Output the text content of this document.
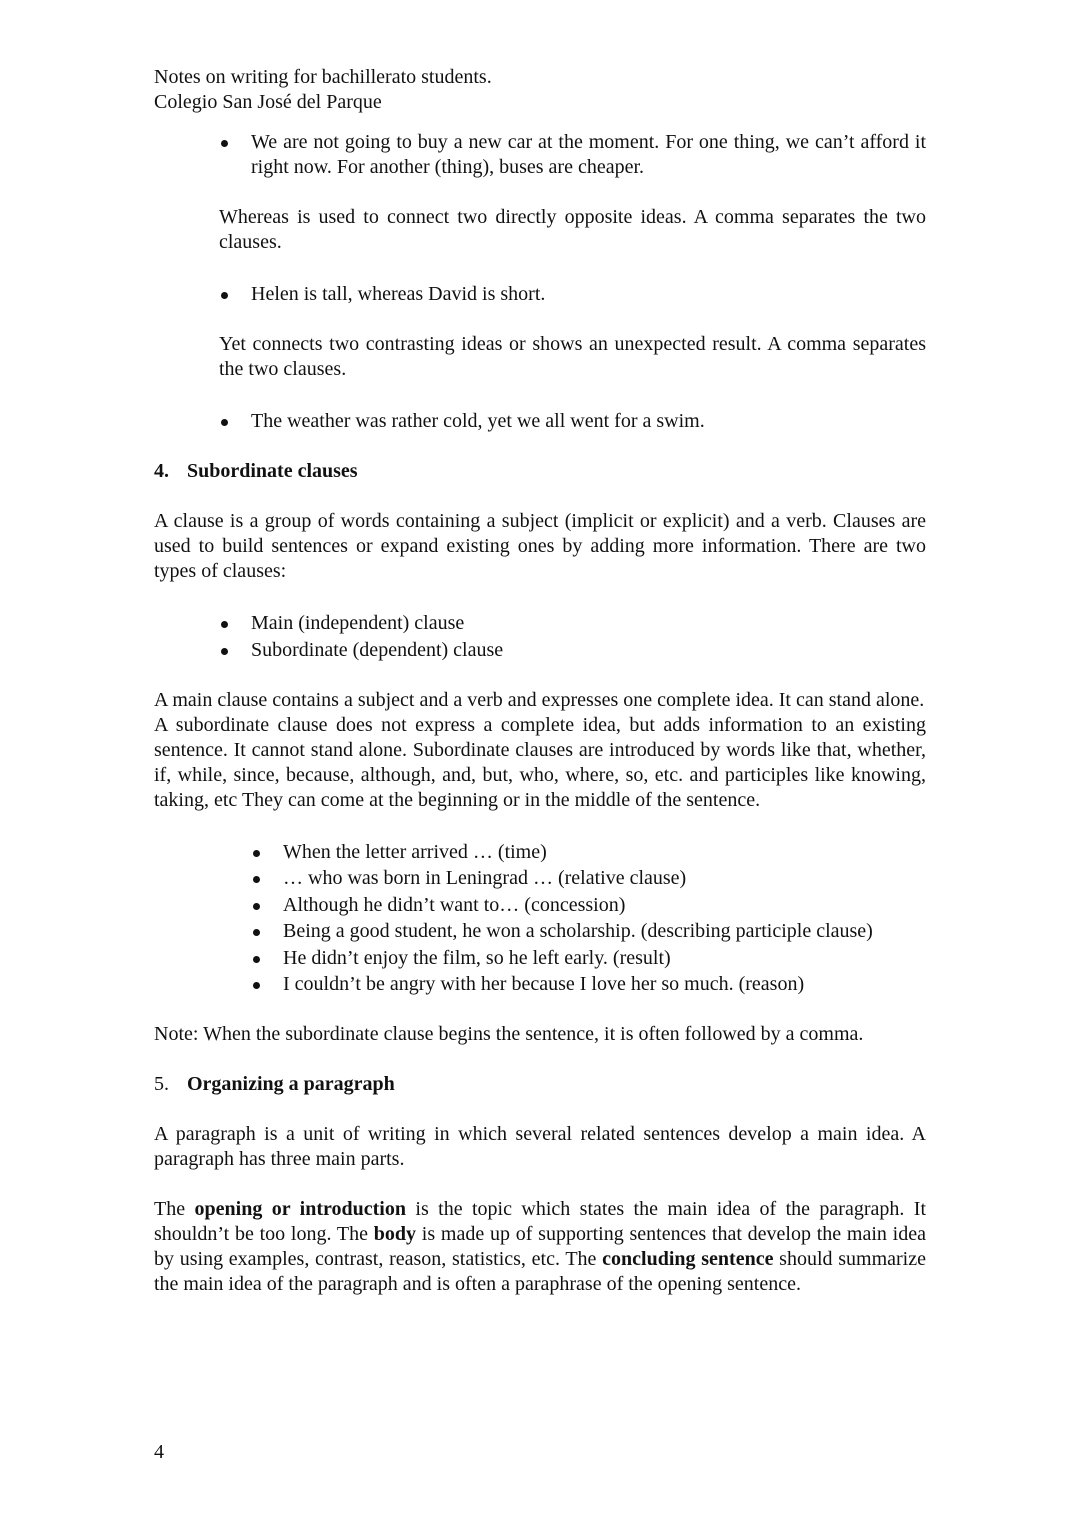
Notes on writing for bachillerato students.
Colegio San José del Parque
We are not going to buy a new car at the moment. For one thing, we can’t afford it right now. For another (thing), buses are cheaper.

Whereas is used to connect two directly opposite ideas. A comma separates the two clauses.

Helen is tall, whereas David is short.

Yet connects two contrasting ideas or shows an unexpected result. A comma separates the two clauses.

The weather was rather cold, yet we all went for a swim.
4. Subordinate clauses

A clause is a group of words containing a subject (implicit or explicit) and a verb. Clauses are used to build sentences or expand existing ones by adding more information. There are two types of clauses:

Main (independent) clause
Subordinate (dependent) clause

A main clause contains a subject and a verb and expresses one complete idea. It can stand alone.

A subordinate clause does not express a complete idea, but adds information to an existing sentence. It cannot stand alone. Subordinate clauses are introduced by words like that, whether, if, while, since, because, although, and, but, who, where, so, etc. and participles like knowing, taking, etc They can come at the beginning or in the middle of the sentence.

When the letter arrived … (time)
… who was born in Leningrad … (relative clause)
Although he didn’t want to… (concession)
Being a good student, he won a scholarship. (describing participle clause)
He didn’t enjoy the film, so he left early. (result)
I couldn’t be angry with her because I love her so much. (reason)

Note: When the subordinate clause begins the sentence, it is often followed by a comma.

5. Organizing a paragraph

A paragraph is a unit of writing in which several related sentences develop a main idea. A paragraph has three main parts.

The opening or introduction is the topic which states the main idea of the paragraph. It shouldn’t be too long. The body is made up of supporting sentences that develop the main idea by using examples, contrast, reason, statistics, etc. The concluding sentence should summarize the main idea of the paragraph and is often a paraphrase of the opening sentence.

4
